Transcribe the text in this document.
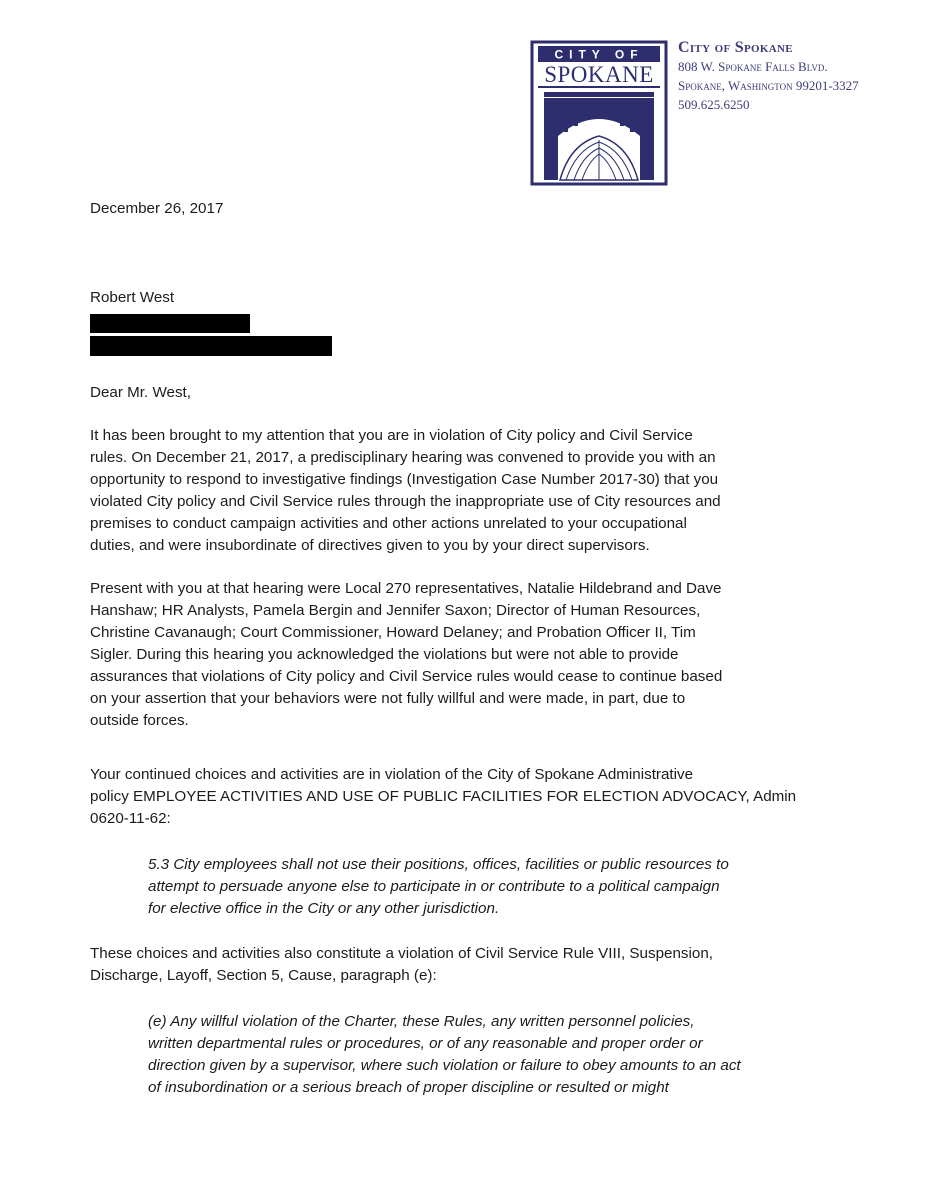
CITY OF
SPOKANE
City of Spokane
808 W. Spokane Falls Blvd.
Spokane, Washington 99201-3327
509.625.6250
December 26, 2017
Robert West
Dear Mr. West,
It has been brought to my attention that you are in violation of City policy and Civil Service
rules. On December 21, 2017, a predisciplinary hearing was convened to provide you with an
opportunity to respond to investigative findings (Investigation Case Number 2017-30) that you
violated City policy and Civil Service rules through the inappropriate use of City resources and
premises to conduct campaign activities and other actions unrelated to your occupational
duties, and were insubordinate of directives given to you by your direct supervisors.
Present with you at that hearing were Local 270 representatives, Natalie Hildebrand and Dave
Hanshaw; HR Analysts, Pamela Bergin and Jennifer Saxon; Director of Human Resources,
Christine Cavanaugh; Court Commissioner, Howard Delaney; and Probation Officer II, Tim
Sigler. During this hearing you acknowledged the violations but were not able to provide
assurances that violations of City policy and Civil Service rules would cease to continue based
on your assertion that your behaviors were not fully willful and were made, in part, due to
outside forces.
Your continued choices and activities are in violation of the City of Spokane Administrative
policy EMPLOYEE ACTIVITIES AND USE OF PUBLIC FACILITIES FOR ELECTION ADVOCACY, Admin
0620-11-62:
5.3 City employees shall not use their positions, offices, facilities or public resources to
attempt to persuade anyone else to participate in or contribute to a political campaign
for elective office in the City or any other jurisdiction.
These choices and activities also constitute a violation of Civil Service Rule VIII, Suspension,
Discharge, Layoff, Section 5, Cause, paragraph (e):
(e) Any willful violation of the Charter, these Rules, any written personnel policies,
written departmental rules or procedures, or of any reasonable and proper order or
direction given by a supervisor, where such violation or failure to obey amounts to an act
of insubordination or a serious breach of proper discipline or resulted or might
